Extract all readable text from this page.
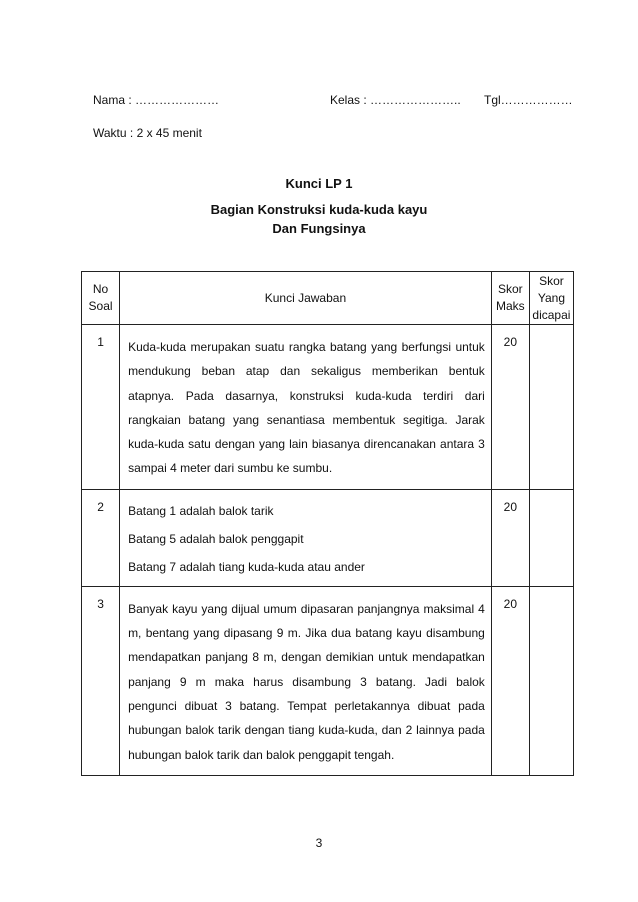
Nama : …………………	Kelas : ………………….. Tgl………………
Waktu : 2 x 45 menit
Kunci LP 1
Bagian Konstruksi kuda-kuda kayu
Dan Fungsinya
No Soal	Kunci Jawaban	Skor Maks	Skor Yang dicapai
1	Kuda-kuda merupakan suatu rangka batang yang berfungsi untuk mendukung beban atap dan sekaligus memberikan bentuk atapnya. Pada dasarnya, konstruksi kuda-kuda terdiri dari rangkaian batang yang senantiasa membentuk segitiga. Jarak kuda-kuda satu dengan yang lain biasanya direncanakan antara 3 sampai 4 meter dari sumbu ke sumbu.	20	
2	Batang 1 adalah balok tarik

Batang 5 adalah balok penggapit

Batang 7 adalah tiang kuda-kuda atau ander	20	
3	Banyak kayu yang dijual umum dipasaran panjangnya maksimal 4 m, bentang yang dipasang 9 m. Jika dua batang kayu disambung mendapatkan panjang 8 m, dengan demikian untuk mendapatkan panjang 9 m maka harus disambung 3 batang. Jadi balok pengunci dibuat 3 batang. Tempat perletakannya dibuat pada hubungan balok tarik dengan tiang kuda-kuda, dan 2 lainnya pada hubungan balok tarik dan balok penggapit tengah.	20	
3
